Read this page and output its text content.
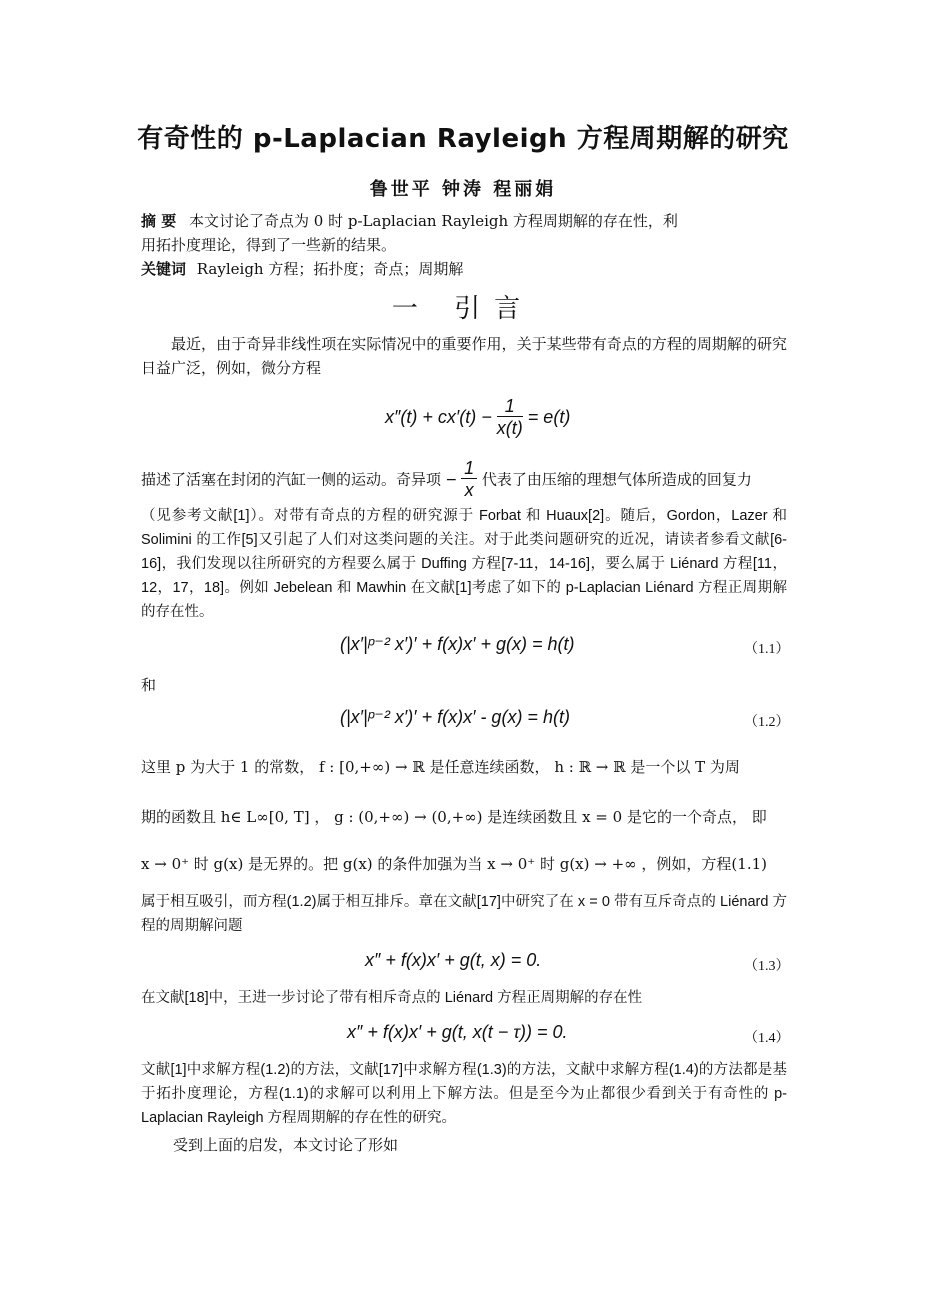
有奇性的 p-Laplacian Rayleigh 方程周期解的研究
鲁世平 钟涛 程丽娟
摘 要 本文讨论了奇点为 0 时 p-Laplacian Rayleigh 方程周期解的存在性，利
用拓扑度理论，得到了一些新的结果。
关键词 Rayleigh 方程；拓扑度；奇点；周期解
一 引言
最近，由于奇异非线性项在实际情况中的重要作用，关于某些带有奇点的方程的周期解的研究日益广泛，例如，微分方程
$x''(t) + cx'(t) - \frac{1}{x(t)} = e(t)$
描述了活塞在封闭的汽缸一侧的运动。奇异项 − $\frac{1}{x}$ 代表了由压缩的理想气体所造成的回复力
（见参考文献[1]）。对带有奇点的方程的研究源于 Forbat 和 Huaux[2]。随后，Gordon，Lazer 和 Solimini 的工作[5]又引起了人们对这类问题的关注。对于此类问题研究的近况，请读者参看文献[6-16]，我们发现以往所研究的方程要么属于 Duffing 方程[7-11，14-16]，要么属于 Liénard 方程[11，12，17，18]。例如 Jebelean 和 Mawhin 在文献[1]考虑了如下的 p-Laplacian Liénard 方程正周期解的存在性。
(|x′|ᵖ⁻² x′)′ + f(x)x′ + g(x) = h(t)	（1.1）
和
(|x′|ᵖ⁻² x′)′ + f(x)x′ - g(x) = h(t)	（1.2）
这里 p 为大于 1 的常数， f : [0,+∞) → ℝ 是任意连续函数， h : ℝ → ℝ 是一个以 T 为周
期的函数且 h∈ L∞[0, T] ， g : (0,+∞) → (0,+∞) 是连续函数且 x = 0 是它的一个奇点， 即
x → 0⁺ 时 g(x) 是无界的。把 g(x) 的条件加强为当 x → 0⁺ 时 g(x) → +∞ ，例如，方程(1.1)
属于相互吸引，而方程(1.2)属于相互排斥。章在文献[17]中研究了在 x = 0 带有互斥奇点的 Liénard 方程的周期解问题
x″ + f(x)x′ + g(t, x) = 0.	（1.3）
在文献[18]中，王进一步讨论了带有相斥奇点的 Liénard 方程正周期解的存在性
x″ + f(x)x′ + g(t, x(t − τ)) = 0.	（1.4）
文献[1]中求解方程(1.2)的方法，文献[17]中求解方程(1.3)的方法，文献中求解方程(1.4)的方法都是基于拓扑度理论，方程(1.1)的求解可以利用上下解方法。但是至今为止都很少看到关于有奇性的 p-Laplacian Rayleigh 方程周期解的存在性的研究。
受到上面的启发，本文讨论了形如
